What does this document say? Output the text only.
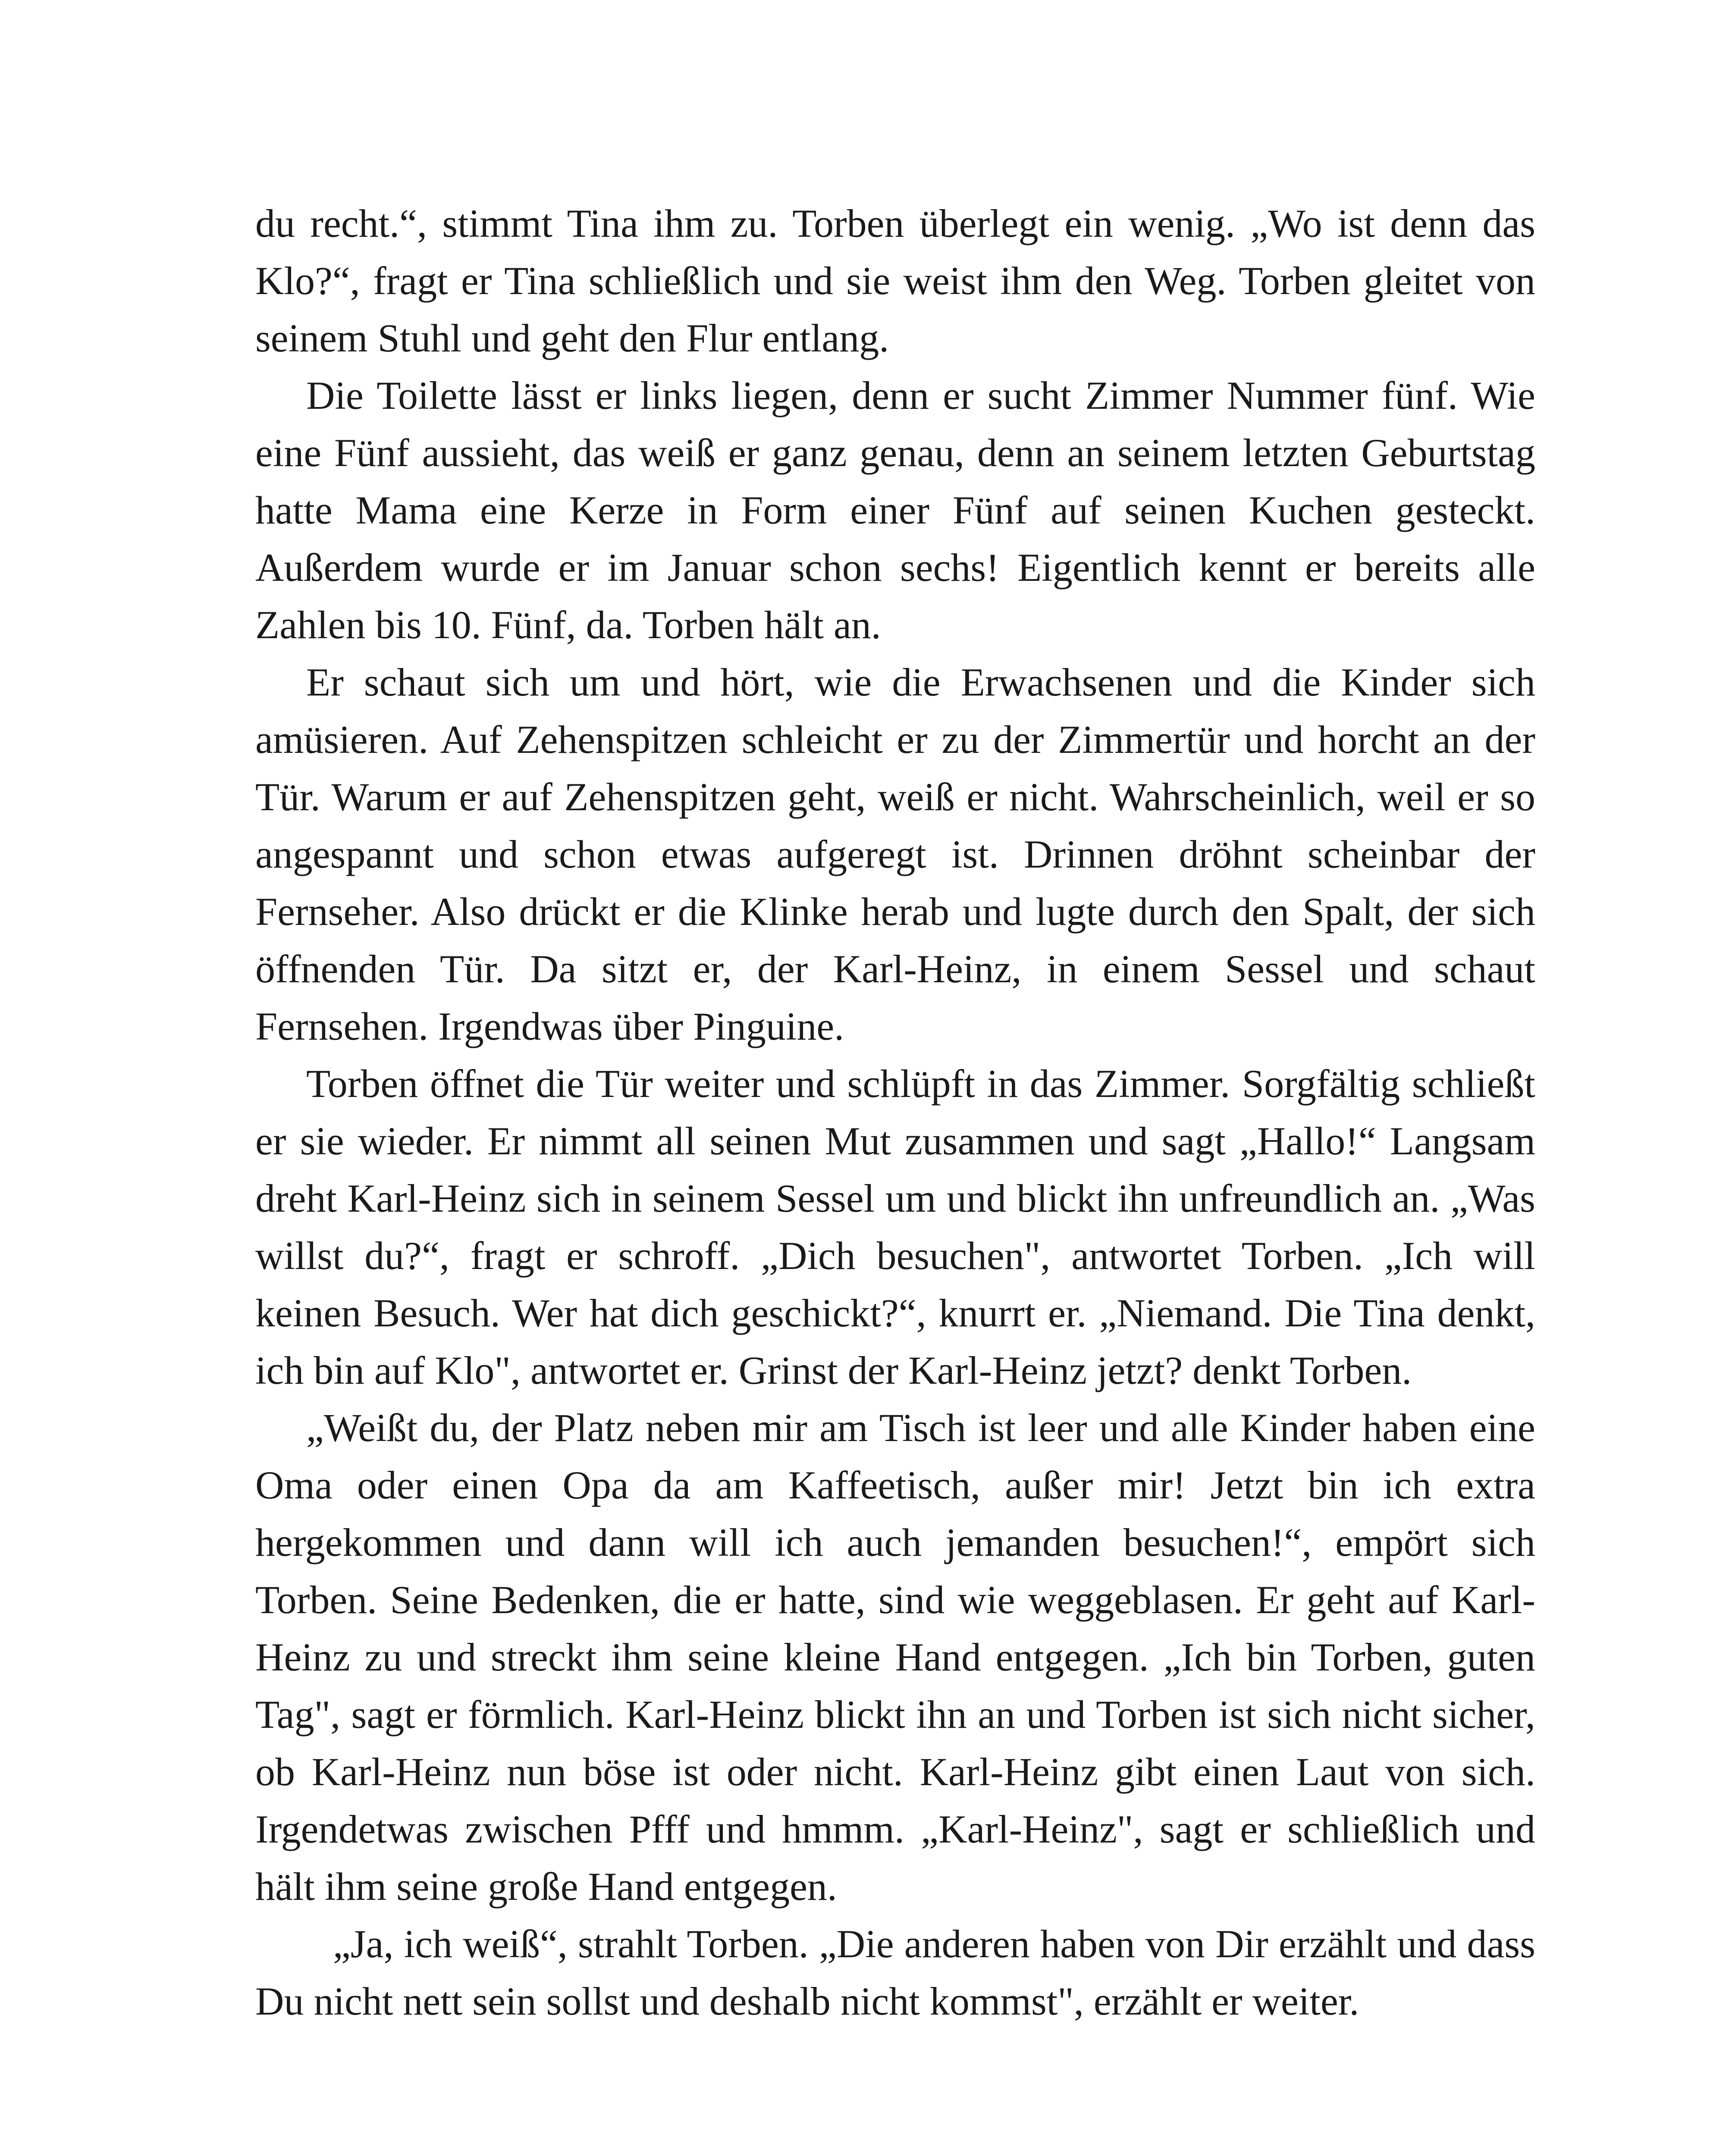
du recht.“, stimmt Tina ihm zu. Torben überlegt ein wenig. „Wo ist denn das Klo?“, fragt er Tina schließlich und sie weist ihm den Weg. Torben gleitet von seinem Stuhl und geht den Flur entlang.

Die Toilette lässt er links liegen, denn er sucht Zimmer Nummer fünf. Wie eine Fünf aussieht, das weiß er ganz genau, denn an seinem letzten Geburtstag hatte Mama eine Kerze in Form einer Fünf auf seinen Kuchen gesteckt. Außerdem wurde er im Januar schon sechs! Eigentlich kennt er bereits alle Zahlen bis 10. Fünf, da. Torben hält an.

Er schaut sich um und hört, wie die Erwachsenen und die Kinder sich amüsieren. Auf Zehenspitzen schleicht er zu der Zimmertür und horcht an der Tür. Warum er auf Zehenspitzen geht, weiß er nicht. Wahrscheinlich, weil er so angespannt und schon etwas aufgeregt ist. Drinnen dröhnt scheinbar der Fernseher. Also drückt er die Klinke herab und lugte durch den Spalt, der sich öffnenden Tür. Da sitzt er, der Karl-Heinz, in einem Sessel und schaut Fernsehen. Irgendwas über Pinguine.

Torben öffnet die Tür weiter und schlüpft in das Zimmer. Sorgfältig schließt er sie wieder. Er nimmt all seinen Mut zusammen und sagt „Hallo!“ Langsam dreht Karl-Heinz sich in seinem Sessel um und blickt ihn unfreundlich an. „Was willst du?“, fragt er schroff. „Dich besuchen", antwortet Torben. „Ich will keinen Besuch. Wer hat dich geschickt?“, knurrt er. „Niemand. Die Tina denkt, ich bin auf Klo", antwortet er. Grinst der Karl-Heinz jetzt? denkt Torben.

„Weißt du, der Platz neben mir am Tisch ist leer und alle Kinder haben eine Oma oder einen Opa da am Kaffeetisch, außer mir! Jetzt bin ich extra hergekommen und dann will ich auch jemanden besuchen!“, empört sich Torben. Seine Bedenken, die er hatte, sind wie weggeblasen. Er geht auf Karl-Heinz zu und streckt ihm seine kleine Hand entgegen. „Ich bin Torben, guten Tag", sagt er förmlich. Karl-Heinz blickt ihn an und Torben ist sich nicht sicher, ob Karl-Heinz nun böse ist oder nicht. Karl-Heinz gibt einen Laut von sich. Irgendetwas zwischen Pfff und hmmm. „Karl-Heinz", sagt er schließlich und hält ihm seine große Hand entgegen.

„Ja, ich weiß“, strahlt Torben. „Die anderen haben von Dir erzählt und dass Du nicht nett sein sollst und deshalb nicht kommst", erzählt er weiter.
